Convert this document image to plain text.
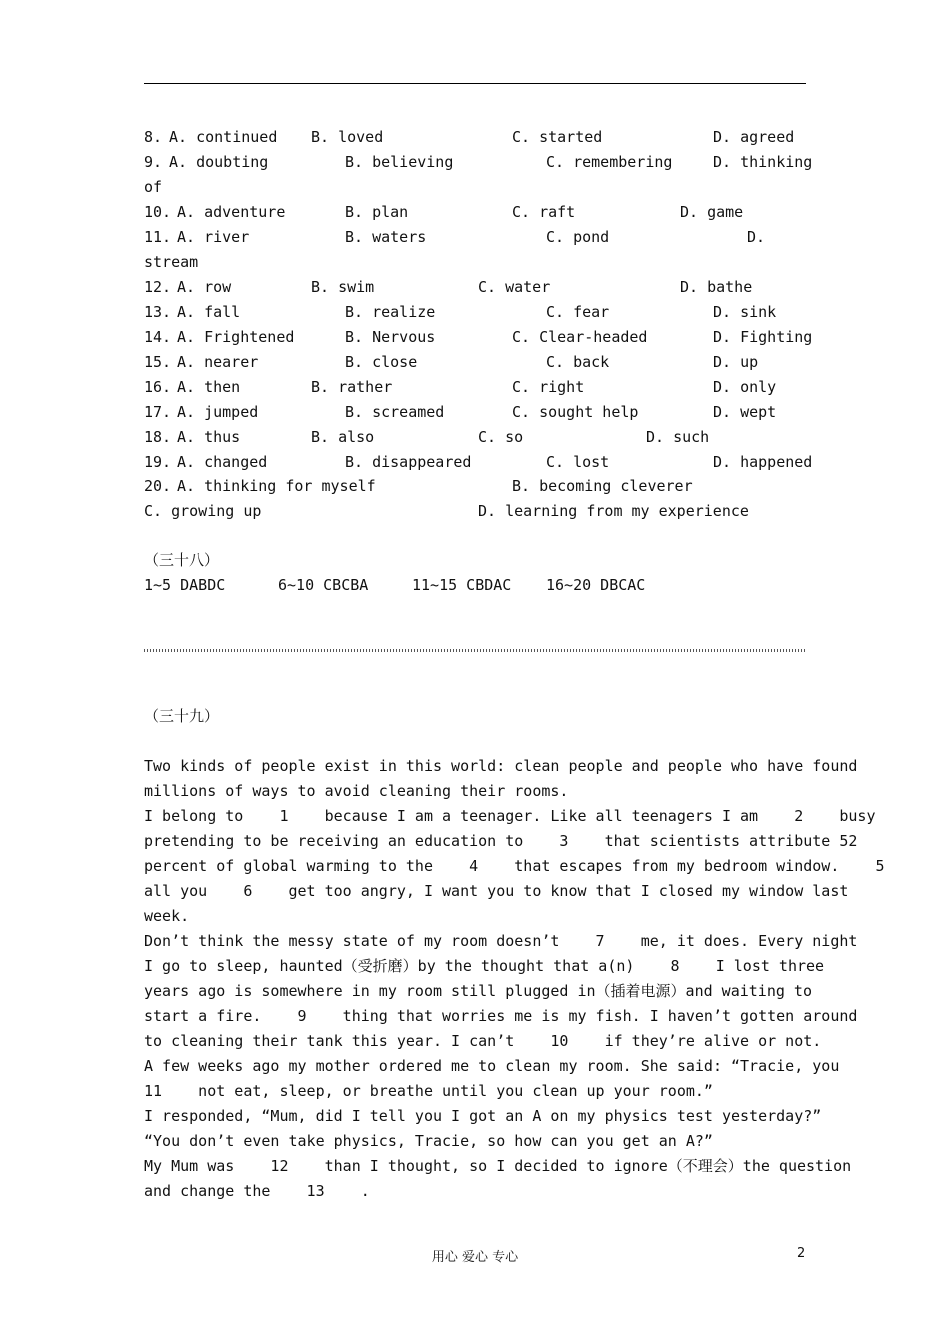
8. A. continued B. loved	C. started	D. agreed
9. A. doubting	B. believing	C. remembering	D. thinking
of
10. A. adventure	B. plan	C. raft	D. game
11. A. river	B. waters	C. pond	D.
stream
12. A. row	B. swim	C. water	D. bathe
13. A. fall	B. realize	C. fear	D. sink
14. A. Frightened	B. Nervous	C. Clear-headed	D. Fighting
15. A. nearer	B. close	C. back	D. up
16. A. then	B. rather	C. right	D. only
17. A. jumped	B. screamed	C. sought help	D. wept
18. A. thus	B. also	C. so	D. such
19. A. changed	B. disappeared	C. lost	D. happened
20. A. thinking for myself	B. becoming cleverer
C. growing up	D. learning from my experience
（三十八）
1~5 DABDC	6~10 CBCBA	11~15 CBDAC 16~20 DBCAC
（三十九）
Two kinds of people exist in this world: clean people and people who have found
millions of ways to avoid cleaning their rooms.
I belong to    1    because I am a teenager. Like all teenagers I am    2    busy
pretending to be receiving an education to    3    that scientists attribute 52
percent of global warming to the    4    that escapes from my bedroom window.    5
all you    6    get too angry, I want you to know that I closed my window last
week.
Don’t think the messy state of my room doesn’t    7    me, it does. Every night
I go to sleep, haunted（受折磨）by the thought that a(n)    8    I lost three
years ago is somewhere in my room still plugged in（插着电源）and waiting to
start a fire.    9    thing that worries me is my fish. I haven’t gotten around
to cleaning their tank this year. I can’t    10    if they’re alive or not.
A few weeks ago my mother ordered me to clean my room. She said: “Tracie, you
11    not eat, sleep, or breathe until you clean up your room.”
I responded, “Mum, did I tell you I got an A on my physics test yesterday?”
“You don’t even take physics, Tracie, so how can you get an A?”
My Mum was    12    than I thought, so I decided to ignore（不理会）the question
and change the    13    .
用心 爱心 专心	2
